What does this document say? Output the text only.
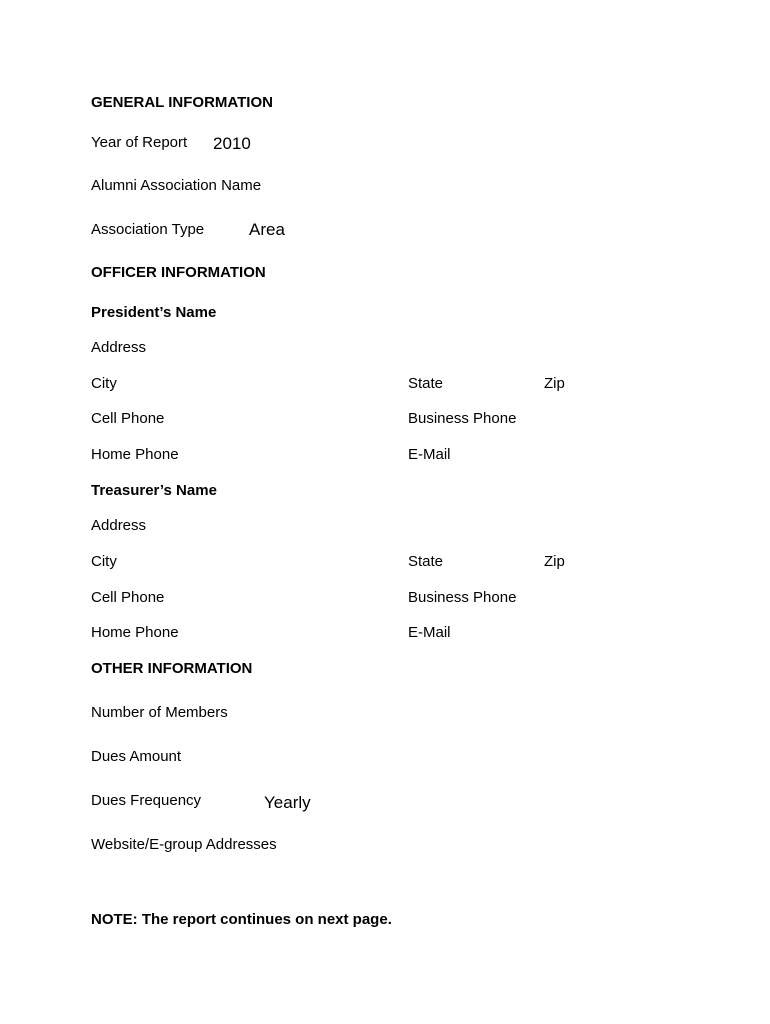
GENERAL INFORMATION
Year of Report 2010
Alumni Association Name
Association Type	Area
OFFICER INFORMATION
President’s Name
Address
City	State	Zip
Cell Phone	Business Phone
Home Phone	E-Mail
Treasurer’s Name
Address
City	State	Zip
Cell Phone	Business Phone
Home Phone	E-Mail
OTHER INFORMATION
Number of Members
Dues Amount
Dues Frequency	Yearly
Website/E-group Addresses
NOTE: The report continues on next page.
